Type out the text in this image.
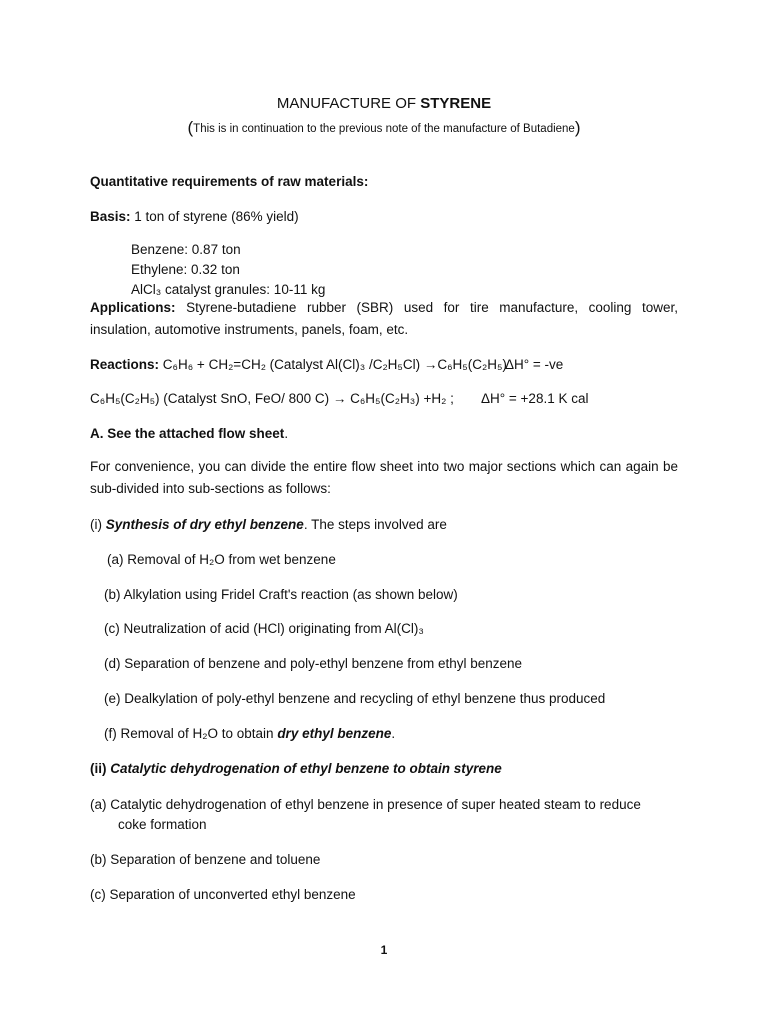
MANUFACTURE OF STYRENE
(This is in continuation to the previous note of the manufacture of Butadiene)
Quantitative requirements of raw materials:
Basis: 1 ton of styrene (86% yield)
Benzene: 0.87 ton
Ethylene: 0.32 ton
AlCl₃ catalyst granules: 10-11 kg
Applications: Styrene-butadiene rubber (SBR) used for tire manufacture, cooling tower, insulation, automotive instruments, panels, foam, etc.
Reactions: C₆H₆ + CH₂=CH₂ (Catalyst Al(Cl)₃ /C₂H₅Cl) →C₆H₅(C₂H₅)
ΔH° = -ve
C₆H₅(C₂H₅) (Catalyst SnO, FeO/ 800 C) → C₆H₅(C₂H₃) +H₂ ; ΔH° = +28.1 K cal
A. See the attached flow sheet.
For convenience, you can divide the entire flow sheet into two major sections which can again be sub-divided into sub-sections as follows:
(i) Synthesis of dry ethyl benzene. The steps involved are
(a) Removal of H₂O from wet benzene
(b) Alkylation using Fridel Craft's reaction (as shown below)
(c) Neutralization of acid (HCl) originating from Al(Cl)₃
(d) Separation of benzene and poly-ethyl benzene from ethyl benzene
(e) Dealkylation of poly-ethyl benzene and recycling of ethyl benzene thus produced
(f) Removal of H₂O to obtain dry ethyl benzene.
(ii) Catalytic dehydrogenation of ethyl benzene to obtain styrene
(a) Catalytic dehydrogenation of ethyl benzene in presence of super heated steam to reduce
coke formation
(b) Separation of benzene and toluene
(c) Separation of unconverted ethyl benzene
1
